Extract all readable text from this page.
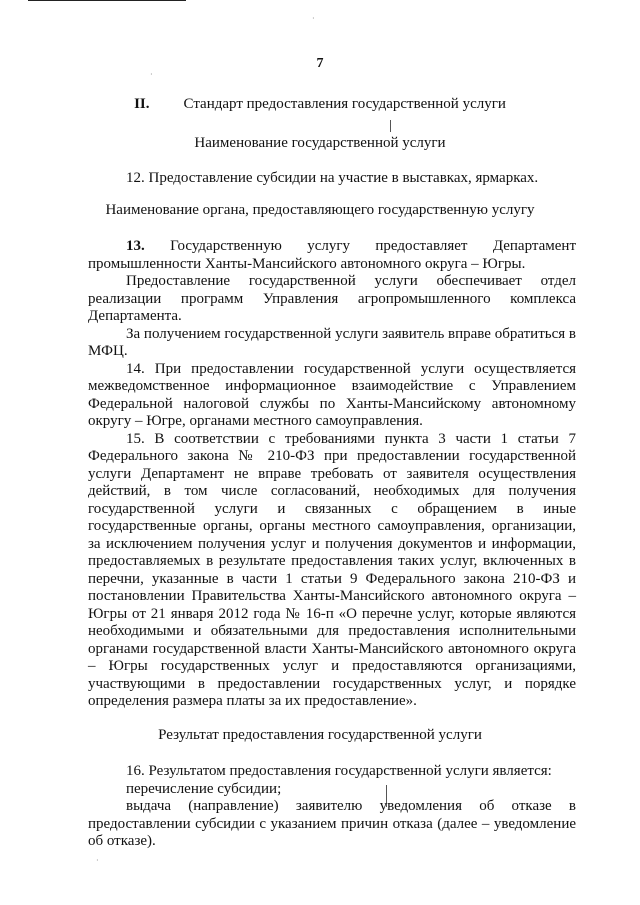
·
·
·
7
II. Стандарт предоставления государственной услуги
Наименование государственной услуги

12. Предоставление субсидии на участие в выставках, ярмарках.

Наименование органа, предоставляющего государственную услугу

13. Государственную услугу предоставляет Департамент промышленности Ханты-Мансийского автономного округа – Югры.

Предоставление государственной услуги обеспечивает отдел реализации программ Управления агропромышленного комплекса Департамента.

За получением государственной услуги заявитель вправе обратиться в МФЦ.

14. При предоставлении государственной услуги осуществляется межведомственное информационное взаимодействие с Управлением Федеральной налоговой службы по Ханты-Мансийскому автономному округу – Югре, органами местного самоуправления.

15. В соответствии с требованиями пункта 3 части 1 статьи 7 Федерального закона № 210-ФЗ при предоставлении государственной услуги Департамент не вправе требовать от заявителя осуществления действий, в том числе согласований, необходимых для получения государственной услуги и связанных с обращением в иные государственные органы, органы местного самоуправления, организации, за исключением получения услуг и получения документов и информации, предоставляемых в результате предоставления таких услуг, включенных в перечни, указанные в части 1 статьи 9 Федерального закона 210-ФЗ и постановлении Правительства Ханты-Мансийского автономного округа – Югры от 21 января 2012 года № 16-п «О перечне услуг, которые являются необходимыми и обязательными для предоставления исполнительными органами государственной власти Ханты-Мансийского автономного округа – Югры государственных услуг и предоставляются организациями, участвующими в предоставлении государственных услуг, и порядке определения размера платы за их предоставление».

Результат предоставления государственной услуги

16. Результатом предоставления государственной услуги является:

перечисление субсидии;

выдача (направление) заявителю уведомления об отказе в предоставлении субсидии с указанием причин отказа (далее – уведомление об отказе).
